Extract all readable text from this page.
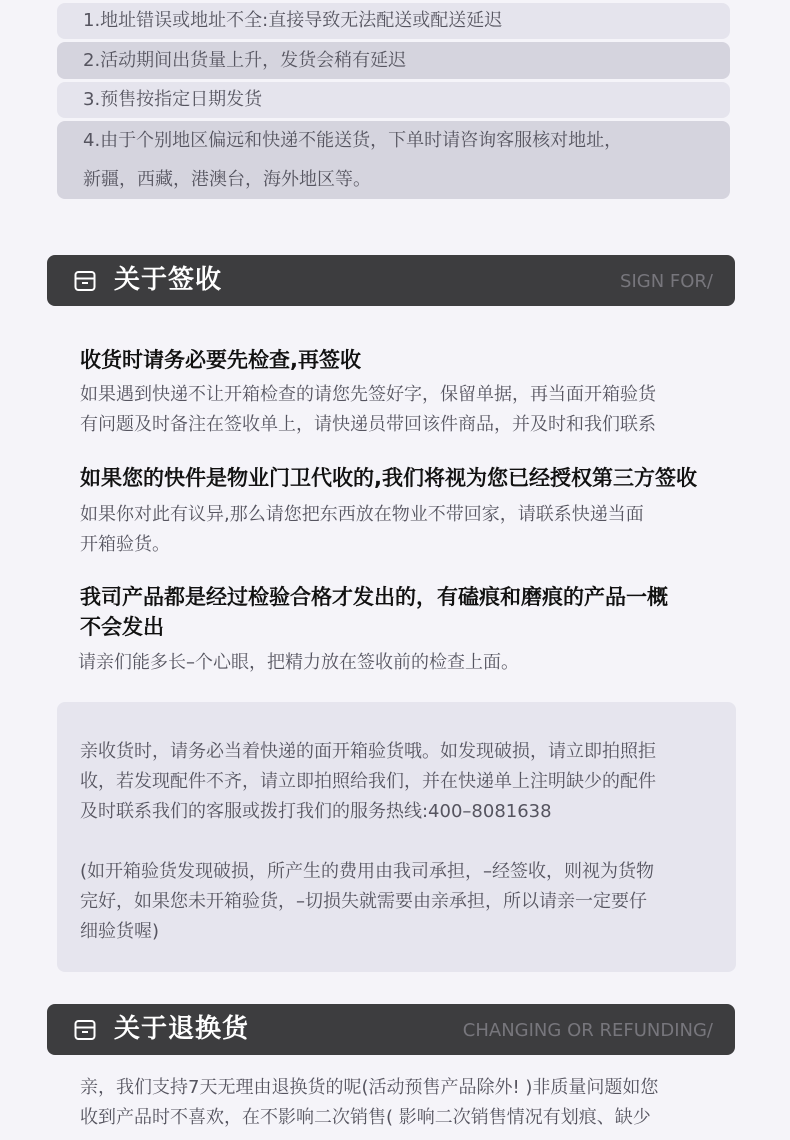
1.地址错误或地址不全:直接导致无法配送或配送延迟
2.活动期间出货量上升，发货会稍有延迟
3.预售按指定日期发货
4.由于个别地区偏远和快递不能送货，下单时请咨询客服核对地址，
新疆，西藏，港澳台，海外地区等。
关于签收	SIGN FOR/
收货时请务必要先检查,再签收
如果遇到快递不让开箱检查的请您先签好字，保留单据，再当面开箱验货
有问题及时备注在签收单上，请快递员带回该件商品，并及时和我们联系
如果您的快件是物业门卫代收的,我们将视为您已经授权第三方签收
如果你对此有议异,那么请您把东西放在物业不带回家，请联系快递当面
开箱验货。
我司产品都是经过检验合格才发出的，有磕痕和磨痕的产品一概
不会发出
请亲们能多长–个心眼，把精力放在签收前的检查上面。
亲收货时，请务必当着快递的面开箱验货哦。如发现破损，请立即拍照拒
收，若发现配件不齐，请立即拍照给我们，并在快递单上注明缺少的配件
及时联系我们的客服或拨打我们的服务热线:400–8081638
(如开箱验货发现破损，所产生的费用由我司承担，–经签收，则视为货物
完好，如果您未开箱验货，–切损失就需要由亲承担，所以请亲一定要仔
细验货喔)
关于退换货	CHANGING OR REFUNDING/
亲，我们支持7天无理由退换货的呢(活动预售产品除外! )非质量问题如您
收到产品时不喜欢，在不影响二次销售( 影响二次销售情况有划痕、缺少
